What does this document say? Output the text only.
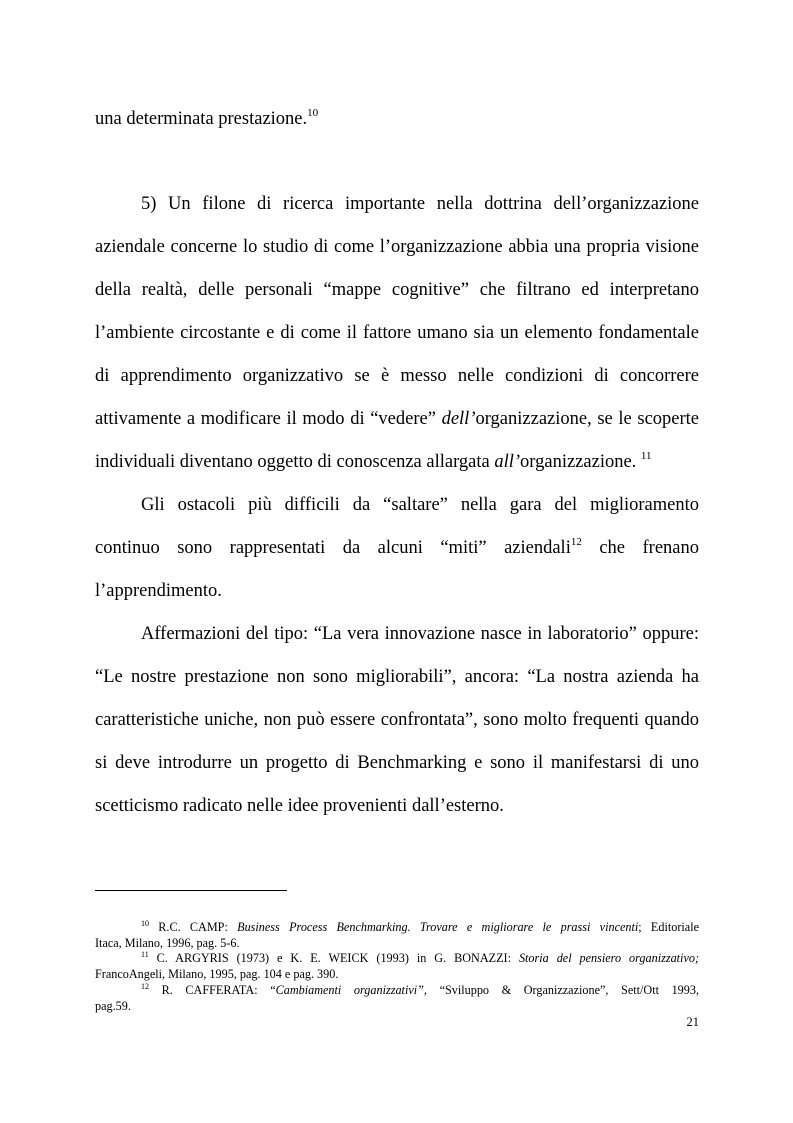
una determinata prestazione.$^{10}$
5) Un filone di ricerca importante nella dottrina dell’organizzazione
aziendale concerne lo studio di come l’organizzazione abbia una propria visione
della realtà, delle personali “mappe cognitive” che filtrano ed interpretano
l’ambiente circostante e di come il fattore umano sia un elemento fondamentale
di apprendimento organizzativo se è messo nelle condizioni di concorrere
attivamente a modificare il modo di “vedere” dell’organizzazione, se le scoperte
individuali diventano oggetto di conoscenza allargata all’organizzazione. $^{11}$
Gli ostacoli più difficili da “saltare” nella gara del miglioramento
continuo sono rappresentati da alcuni “miti” aziendali$^{12}$ che frenano
l’apprendimento.
Affermazioni del tipo: “La vera innovazione nasce in laboratorio” oppure:
“Le nostre prestazione non sono migliorabili”, ancora: “La nostra azienda ha
caratteristiche uniche, non può essere confrontata”, sono molto frequenti quando
si deve introdurre un progetto di Benchmarking e sono il manifestarsi di uno
scetticismo radicato nelle idee provenienti dall’esterno.
$^{10}$ R.C. CAMP: Business Process Benchmarking. Trovare e migliorare le prassi vincenti; Editoriale
Itaca, Milano, 1996, pag. 5-6.
$^{11}$ C. ARGYRIS (1973) e K. E. WEICK (1993) in G. BONAZZI: Storia del pensiero organizzativo;
FrancoAngeli, Milano, 1995, pag. 104 e pag. 390.
$^{12}$ R. CAFFERATA: “Cambiamenti organizzativi”, “Sviluppo & Organizzazione”, Sett/Ott 1993,
pag.59.
21
